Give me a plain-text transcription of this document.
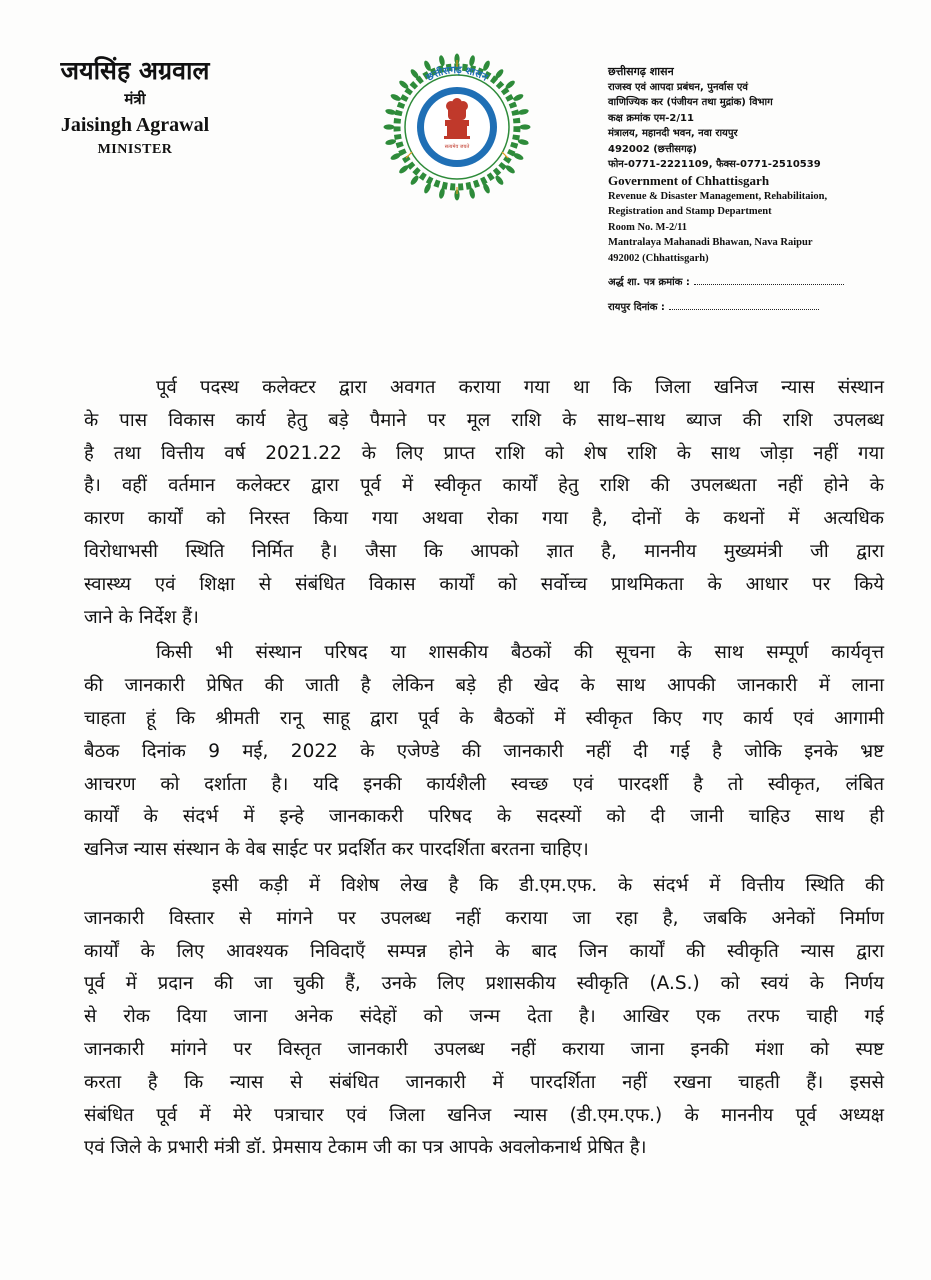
जयसिंह अग्रवाल
मंत्री
Jaisingh Agrawal
MINISTER
छत्तीसगढ़ शासन
सत्यमेव जयते
छत्तीसगढ़ शासन
राजस्व एवं आपदा प्रबंधन, पुनर्वास एवं
वाणिज्यिक कर (पंजीयन तथा मुद्रांक) विभाग
कक्ष क्रमांक एम-2/11
मंत्रालय, महानदी भवन, नवा रायपुर
492002 (छत्तीसगढ़)
फोन-0771-2221109, फैक्स-0771-2510539
Government of Chhattisgarh
Revenue & Disaster Management, Rehabilitaion,
Registration and Stamp Department
Room No. M-2/11
Mantralaya Mahanadi Bhawan, Nava Raipur
492002 (Chhattisgarh)
अर्द्ध शा. पत्र क्रमांक :
रायपुर दिनांक :
पूर्व पदस्थ कलेक्टर द्वारा अवगत कराया गया था कि जिला खनिज न्यास संस्थान
के पास विकास कार्य हेतु बड़े पैमाने पर मूल राशि के साथ–साथ ब्याज की राशि उपलब्ध
है तथा वित्तीय वर्ष 2021.22 के लिए प्राप्त राशि को शेष राशि के साथ जोड़ा नहीं गया
है। वहीं वर्तमान कलेक्टर द्वारा पूर्व में स्वीकृत कार्यों हेतु राशि की उपलब्धता नहीं होने के
कारण कार्यों को निरस्त किया गया अथवा रोका गया है, दोनों के कथनों में अत्यधिक
विरोधाभसी स्थिति निर्मित है। जैसा कि आपको ज्ञात है, माननीय मुख्यमंत्री जी द्वारा
स्वास्थ्य एवं शिक्षा से संबंधित विकास कार्यों को सर्वोच्च प्राथमिकता के आधार पर किये
जाने के निर्देश हैं।
किसी भी संस्थान परिषद या शासकीय बैठकों की सूचना के साथ सम्पूर्ण कार्यवृत्त
की जानकारी प्रेषित की जाती है लेकिन बड़े ही खेद के साथ आपकी जानकारी में लाना
चाहता हूं कि श्रीमती रानू साहू द्वारा पूर्व के बैठकों में स्वीकृत किए गए कार्य एवं आगामी
बैठक दिनांक 9 मई, 2022 के एजेण्डे की जानकारी नहीं दी गई है जोकि इनके भ्रष्ट
आचरण को दर्शाता है। यदि इनकी कार्यशैली स्वच्छ एवं पारदर्शी है तो स्वीकृत, लंबित
कार्यों के संदर्भ में इन्हे जानकाकरी परिषद के सदस्यों को दी जानी चाहिउ साथ ही
खनिज न्यास संस्थान के वेब साईट पर प्रदर्शित कर पारदर्शिता बरतना चाहिए।
इसी कड़ी में विशेष लेख है कि डी.एम.एफ. के संदर्भ में वित्तीय स्थिति की
जानकारी विस्तार से मांगने पर उपलब्ध नहीं कराया जा रहा है, जबकि अनेकों निर्माण
कार्यों के लिए आवश्यक निविदाएँ सम्पन्न होने के बाद जिन कार्यों की स्वीकृति न्यास द्वारा
पूर्व में प्रदान की जा चुकी हैं, उनके लिए प्रशासकीय स्वीकृति (A.S.) को स्वयं के निर्णय
से रोक दिया जाना अनेक संदेहों को जन्म देता है। आखिर एक तरफ चाही गई
जानकारी मांगने पर विस्तृत जानकारी उपलब्ध नहीं कराया जाना इनकी मंशा को स्पष्ट
करता है कि न्यास से संबंधित जानकारी में पारदर्शिता नहीं रखना चाहती हैं। इससे
संबंधित पूर्व में मेरे पत्राचार एवं जिला खनिज न्यास (डी.एम.एफ.) के माननीय पूर्व अध्यक्ष
एवं जिले के प्रभारी मंत्री डॉ. प्रेमसाय टेकाम जी का पत्र आपके अवलोकनार्थ प्रेषित है।
